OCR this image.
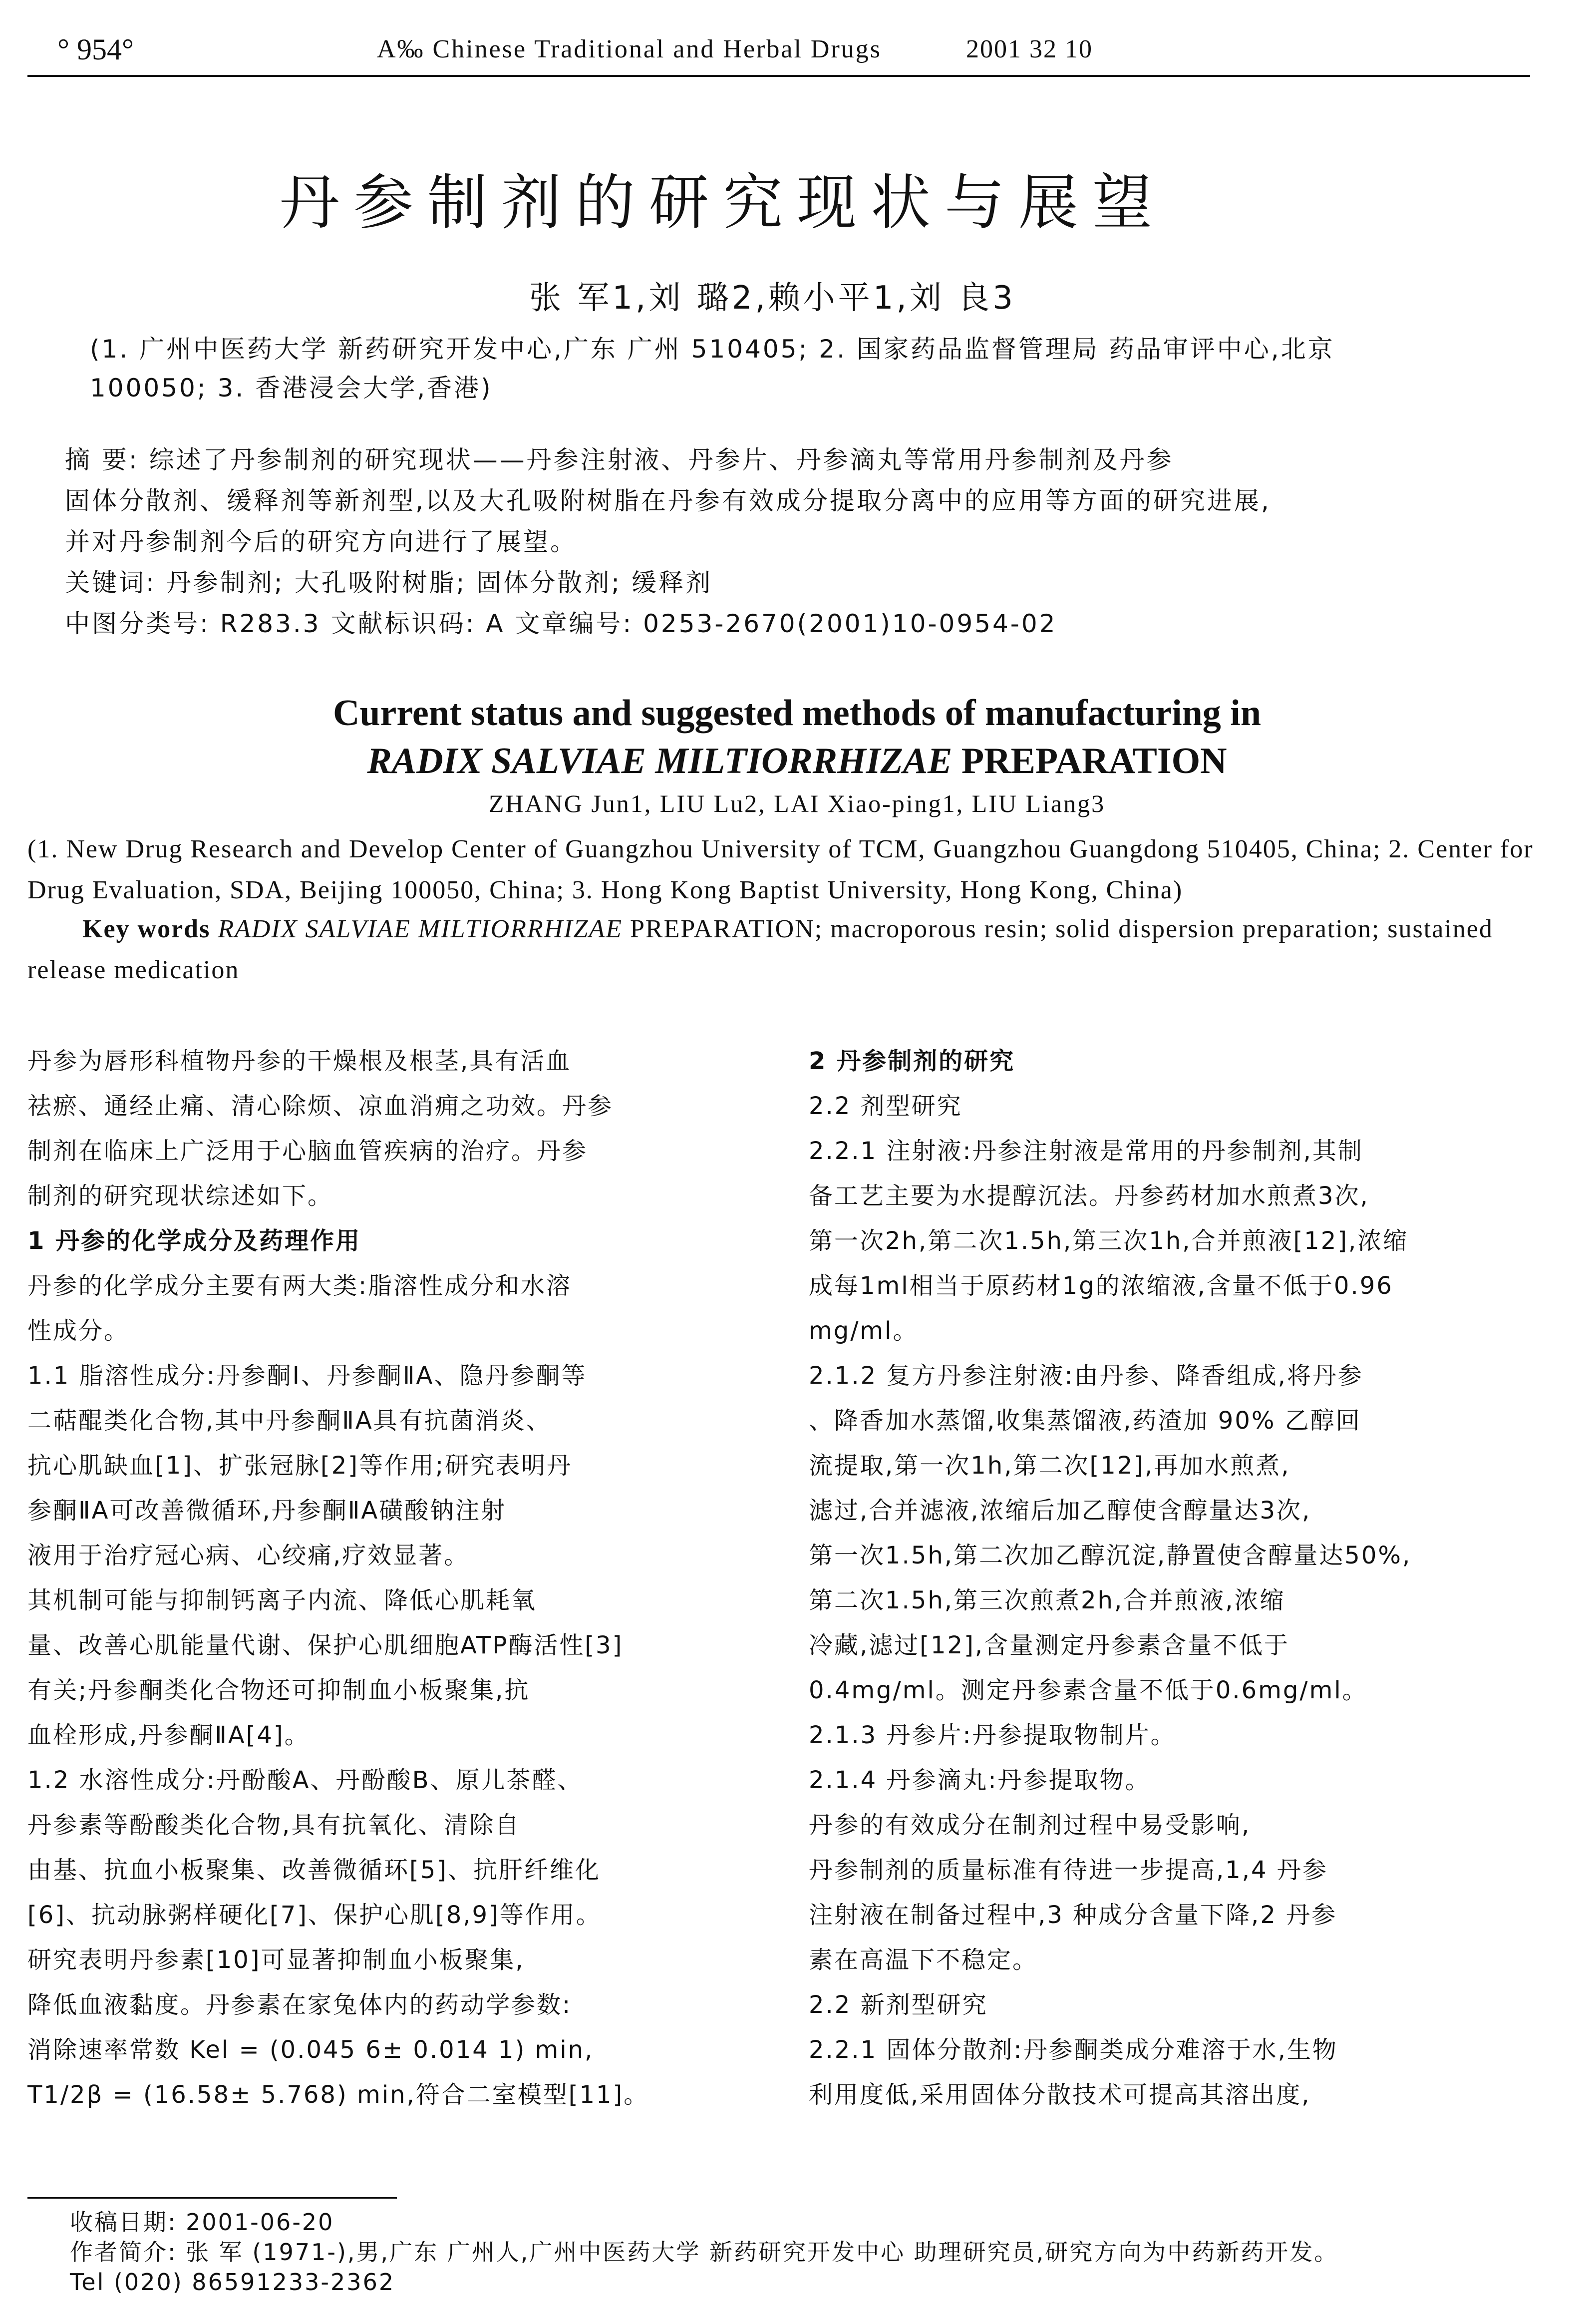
° 954°	A‰ Chinese Traditional and Herbal Drugs	2001 32 10
丹参制剂的研究现状与展望
张 军1,刘 璐2,赖小平1,刘 良3
(1. 广州中医药大学 新药研究开发中心,广东 广州 510405; 2. 国家药品监督管理局 药品审评中心,北京
100050; 3. 香港浸会大学,香港)
摘 要: 综述了丹参制剂的研究现状——丹参注射液、丹参片、丹参滴丸等常用丹参制剂及丹参
固体分散剂、缓释剂等新剂型,以及大孔吸附树脂在丹参有效成分提取分离中的应用等方面的研究进展,
并对丹参制剂今后的研究方向进行了展望。
关键词: 丹参制剂; 大孔吸附树脂; 固体分散剂; 缓释剂
中图分类号: R283.3 文献标识码: A 文章编号: 0253-2670(2001)10-0954-02
Current status and suggested methods of manufacturing in
RADIX SALVIAE MILTIORRHIZAE PREPARATION
ZHANG Jun1, LIU Lu2, LAI Xiao-ping1, LIU Liang3
(1. New Drug Research and Develop Center of Guangzhou University of TCM, Guangzhou Guangdong 510405, China; 2. Center for Drug Evaluation, SDA, Beijing 100050, China; 3. Hong Kong Baptist University, Hong Kong, China)
Key words RADIX SALVIAE MILTIORRHIZAE PREPARATION; macroporous resin; solid dispersion preparation; sustained release medication
丹参为唇形科植物丹参的干燥根及根茎,具有活血
祛瘀、通经止痛、清心除烦、凉血消痈之功效。丹参
制剂在临床上广泛用于心脑血管疾病的治疗。丹参
制剂的研究现状综述如下。
1 丹参的化学成分及药理作用
丹参的化学成分主要有两大类:脂溶性成分和水溶
性成分。
1.1 脂溶性成分:丹参酮Ⅰ、丹参酮ⅡA、隐丹参酮等
二萜醌类化合物,其中丹参酮ⅡA具有抗菌消炎、
抗心肌缺血[1]、扩张冠脉[2]等作用;研究表明丹
参酮ⅡA可改善微循环,丹参酮ⅡA磺酸钠注射
液用于治疗冠心病、心绞痛,疗效显著。
其机制可能与抑制钙离子内流、降低心肌耗氧
量、改善心肌能量代谢、保护心肌细胞ATP酶活性[3]
有关;丹参酮类化合物还可抑制血小板聚集,抗
血栓形成,丹参酮ⅡA[4]。
1.2 水溶性成分:丹酚酸A、丹酚酸B、原儿茶醛、
丹参素等酚酸类化合物,具有抗氧化、清除自
由基、抗血小板聚集、改善微循环[5]、抗肝纤维化
[6]、抗动脉粥样硬化[7]、保护心肌[8,9]等作用。
研究表明丹参素[10]可显著抑制血小板聚集,
降低血液黏度。丹参素在家兔体内的药动学参数:
消除速率常数 Kel = (0.045 6± 0.014 1) min,
T1/2β = (16.58± 5.768) min,符合二室模型[11]。
2 丹参制剂的研究
2.2 剂型研究
2.2.1 注射液:丹参注射液是常用的丹参制剂,其制
备工艺主要为水提醇沉法。丹参药材加水煎煮3次,
第一次2h,第二次1.5h,第三次1h,合并煎液[12],浓缩
成每1ml相当于原药材1g的浓缩液,含量不低于0.96
mg/ml。
2.1.2 复方丹参注射液:由丹参、降香组成,将丹参
、降香加水蒸馏,收集蒸馏液,药渣加 90% 乙醇回
流提取,第一次1h,第二次[12],再加水煎煮,
滤过,合并滤液,浓缩后加乙醇使含醇量达3次,
第一次1.5h,第二次加乙醇沉淀,静置使含醇量达50%,
第二次1.5h,第三次煎煮2h,合并煎液,浓缩
冷藏,滤过[12],含量测定丹参素含量不低于
0.4mg/ml。测定丹参素含量不低于0.6mg/ml。
2.1.3 丹参片:丹参提取物制片。
2.1.4 丹参滴丸:丹参提取物。
丹参的有效成分在制剂过程中易受影响,
丹参制剂的质量标准有待进一步提高,1,4 丹参
注射液在制备过程中,3 种成分含量下降,2 丹参
素在高温下不稳定。
2.2 新剂型研究
2.2.1 固体分散剂:丹参酮类成分难溶于水,生物
利用度低,采用固体分散技术可提高其溶出度,
收稿日期: 2001-06-20
作者简介: 张 军 (1971-),男,广东 广州人,广州中医药大学 新药研究开发中心 助理研究员,研究方向为中药新药开发。
Tel (020) 86591233-2362
